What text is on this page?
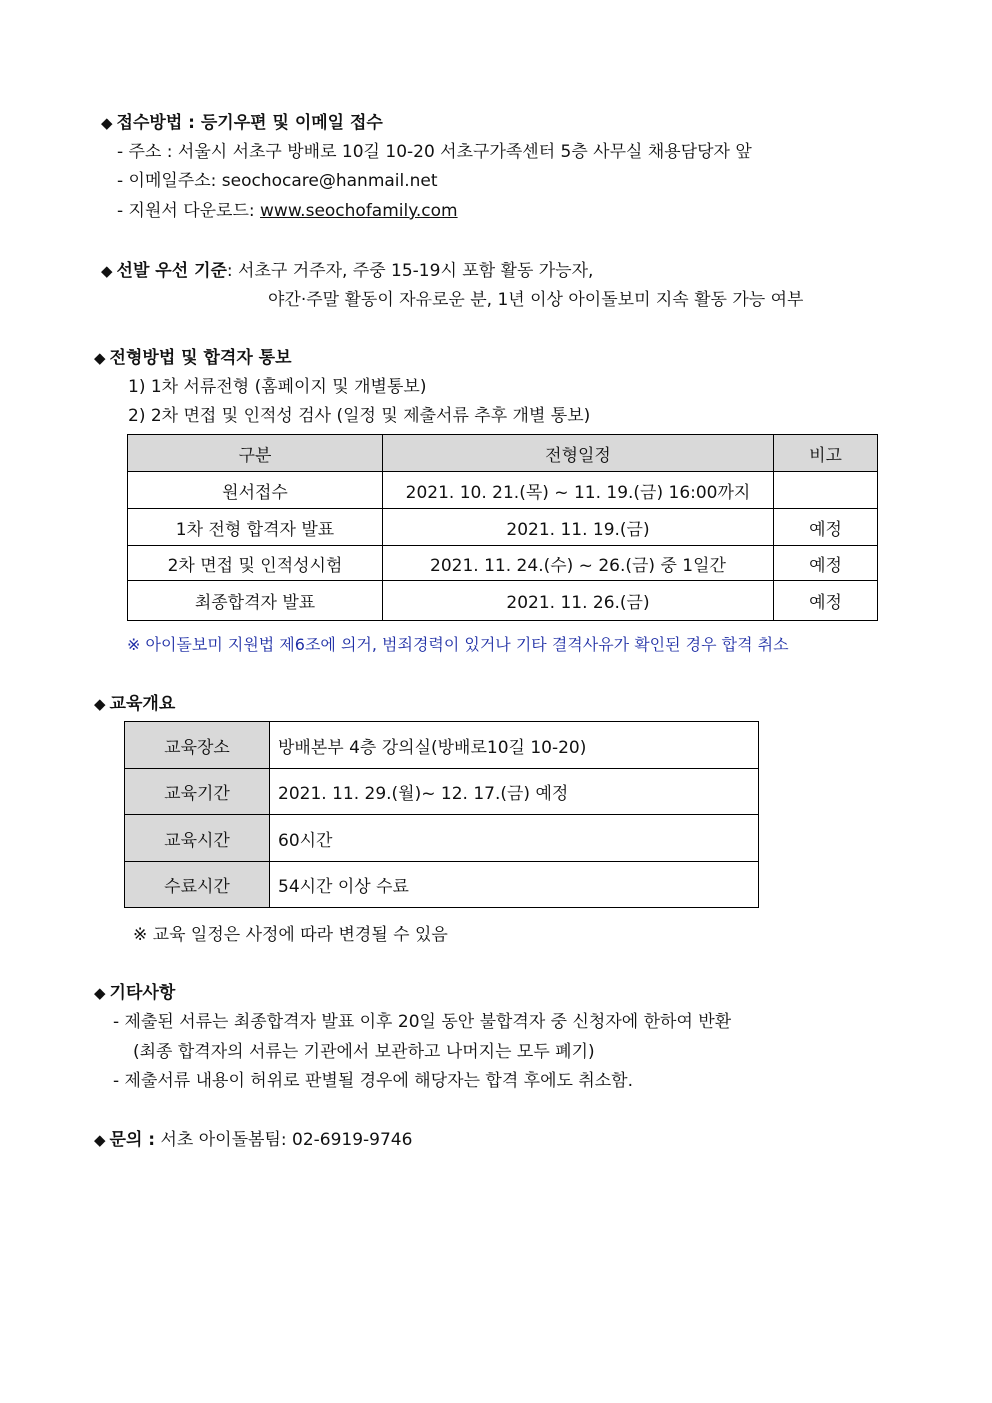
◆ 접수방법 : 등기우편 및 이메일 접수
- 주소 : 서울시 서초구 방배로 10길 10-20 서초구가족센터 5층 사무실 채용담당자 앞
- 이메일주소: seochocare@hanmail.net
- 지원서 다운로드: www.seochofamily.com
◆ 선발 우선 기준: 서초구 거주자, 주중 15-19시 포함 활동 가능자,
야간·주말 활동이 자유로운 분, 1년 이상 아이돌보미 지속 활동 가능 여부
◆ 전형방법 및 합격자 통보
1) 1차 서류전형 (홈페이지 및 개별통보)
2) 2차 면접 및 인적성 검사 (일정 및 제출서류 추후 개별 통보)
구분	전형일정	비고
원서접수	2021. 10. 21.(목) ~ 11. 19.(금) 16:00까지	
1차 전형 합격자 발표	2021. 11. 19.(금)	예정
2차 면접 및 인적성시험	2021. 11. 24.(수) ~ 26.(금) 중 1일간	예정
최종합격자 발표	2021. 11. 26.(금)	예정
※ 아이돌보미 지원법 제6조에 의거, 범죄경력이 있거나 기타 결격사유가 확인된 경우 합격 취소
◆ 교육개요
교육장소	방배본부 4층 강의실(방배로10길 10-20)
교육기간	2021. 11. 29.(월)~ 12. 17.(금) 예정
교육시간	60시간
수료시간	54시간 이상 수료
※ 교육 일정은 사정에 따라 변경될 수 있음
◆ 기타사항
- 제출된 서류는 최종합격자 발표 이후 20일 동안 불합격자 중 신청자에 한하여 반환
(최종 합격자의 서류는 기관에서 보관하고 나머지는 모두 폐기)
- 제출서류 내용이 허위로 판별될 경우에 해당자는 합격 후에도 취소함.
◆ 문의 : 서초 아이돌봄팀: 02-6919-9746
